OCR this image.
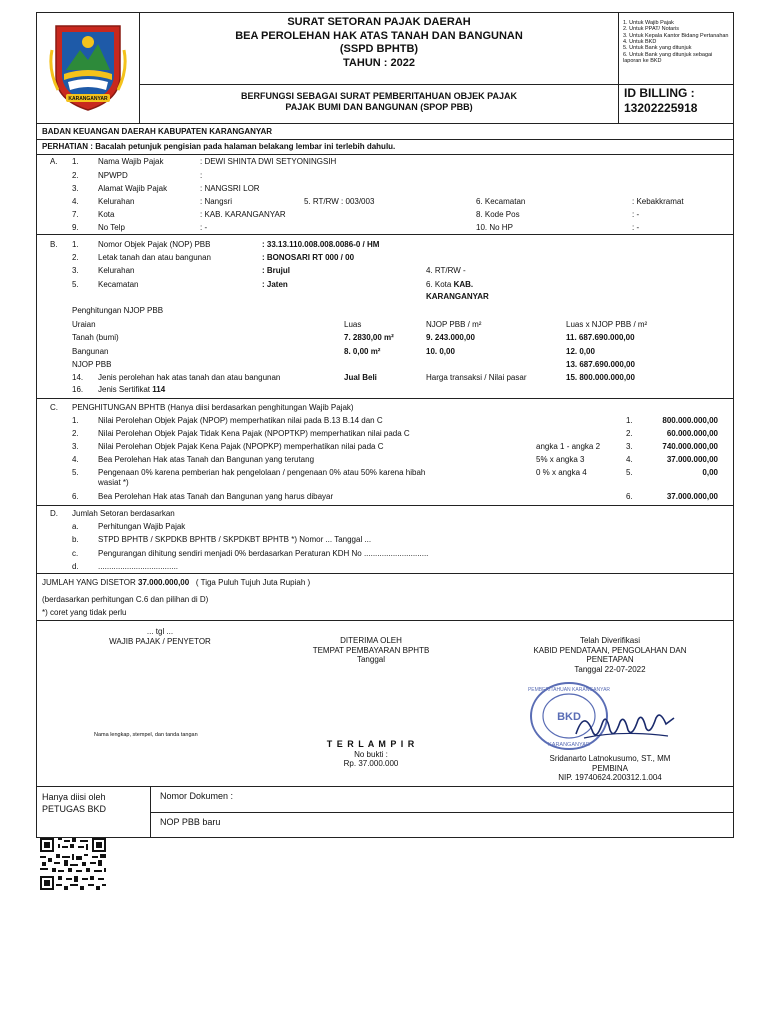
KARANGANYAR
SURAT SETORAN PAJAK DAERAH
BEA PEROLEHAN HAK ATAS TANAH DAN BANGUNAN
(SSPD BPHTB)
TAHUN : 2022
BERFUNGSI SEBAGAI SURAT PEMBERITAHUAN OBJEK PAJAK
PAJAK BUMI DAN BANGUNAN (SPOP PBB)
1. Untuk Wajib Pajak
2. Untuk PPAT/ Notaris
3. Untuk Kepala Kantor Bidang Pertanahan
4. Untuk BKD
5. Untuk Bank yang ditunjuk
6. Untuk Bank yang ditunjuk sebagai laporan ke BKD
ID BILLING :
13202225918
BADAN KEUANGAN DAERAH KABUPATEN KARANGANYAR
PERHATIAN : Bacalah petunjuk pengisian pada halaman belakang lembar ini terlebih dahulu.
A. 1. Nama Wajib Pajak	: DEWI SHINTA DWI SETYONINGSIH
2. NPWPD	:
3. Alamat Wajib Pajak	: NANGSRI LOR
4. Kelurahan	: Nangsri	5. RT/RW : 003/003	6. Kecamatan	: Kebakkramat
7. Kota	: KAB. KARANGANYAR	8. Kode Pos	: -
9. No Telp	: -	10. No HP	: -
B. 1. Nomor Objek Pajak (NOP) PBB	: 33.13.110.008.008.0086-0 / HM
2. Letak tanah dan atau bangunan	: BONOSARI RT 000 / 00
3. Kelurahan	: Brujul	4. RT/RW -
5. Kecamatan	: Jaten	6. Kota KAB.
KARANGANYAR
Penghitungan NJOP PBB
Uraian	Luas	NJOP PBB / m²	Luas x NJOP PBB / m²
Tanah (bumi)	7. 2830,00 m²	9. 243.000,00	11. 687.690.000,00
Bangunan	8. 0,00 m²	10. 0,00	12. 0,00
NJOP PBB	13. 687.690.000,00
14. Jenis perolehan hak atas tanah dan atau bangunan	Jual Beli	Harga transaksi / Nilai pasar	15. 800.000.000,00
16. Jenis Sertifikat 114
C. PENGHITUNGAN BPHTB (Hanya diisi berdasarkan penghitungan Wajib Pajak)
1. Nilai Perolehan Objek Pajak (NPOP) memperhatikan nilai pada B.13 B.14 dan C	1.	800.000.000,00
2. Nilai Perolehan Objek Pajak Tidak Kena Pajak (NPOPTKP) memperhatikan nilai pada C	2.	60.000.000,00
3. Nilai Perolehan Objek Pajak Kena Pajak (NPOPKP) memperhatikan nilai pada C	angka 1 - angka 2	3.	740.000.000,00
4. Bea Perolehan Hak atas Tanah dan Bangunan yang terutang	5% x angka 3	4.	37.000.000,00
5. Pengenaan 0% karena pemberian hak pengelolaan / pengenaan 0% atau 50% karena hibah
wasiat *)
0 % x angka 4	5.	0,00
6. Bea Perolehan Hak atas Tanah dan Bangunan yang harus dibayar	6.	37.000.000,00
D. Jumlah Setoran berdasarkan
a. Perhitungan Wajib Pajak
b. STPD BPHTB / SKPDKB BPHTB / SKPDKBT BPHTB *) Nomor ... Tanggal ...
c. Pengurangan dihitung sendiri menjadi 0% berdasarkan Peraturan KDH No .............................
d. ....................................
JUMLAH YANG DISETOR 37.000.000,00 ( Tiga Puluh Tujuh Juta Rupiah )
(berdasarkan perhitungan C.6 dan pilihan di D)
*) coret yang tidak perlu
... tgl ...
WAJIB PAJAK / PENYETOR
Nama lengkap, stempel, dan tanda tangan
DITERIMA OLEH
TEMPAT PEMBAYARAN BPHTB
Tanggal
T E R L A M P I R
No bukti :
Rp. 37.000.000
Telah Diverifikasi
KABID PENDATAAN, PENGOLAHAN DAN
PENETAPAN
Tanggal 22-07-2022
BKD
PEMBERITAHUAN KARANGANYAR
KARANGANYAR
Sridanarto Latnokusumo, ST., MM
PEMBINA
NIP. 19740624.200312.1.004
Hanya diisi oleh
PETUGAS BKD
Nomor Dokumen :
NOP PBB baru
